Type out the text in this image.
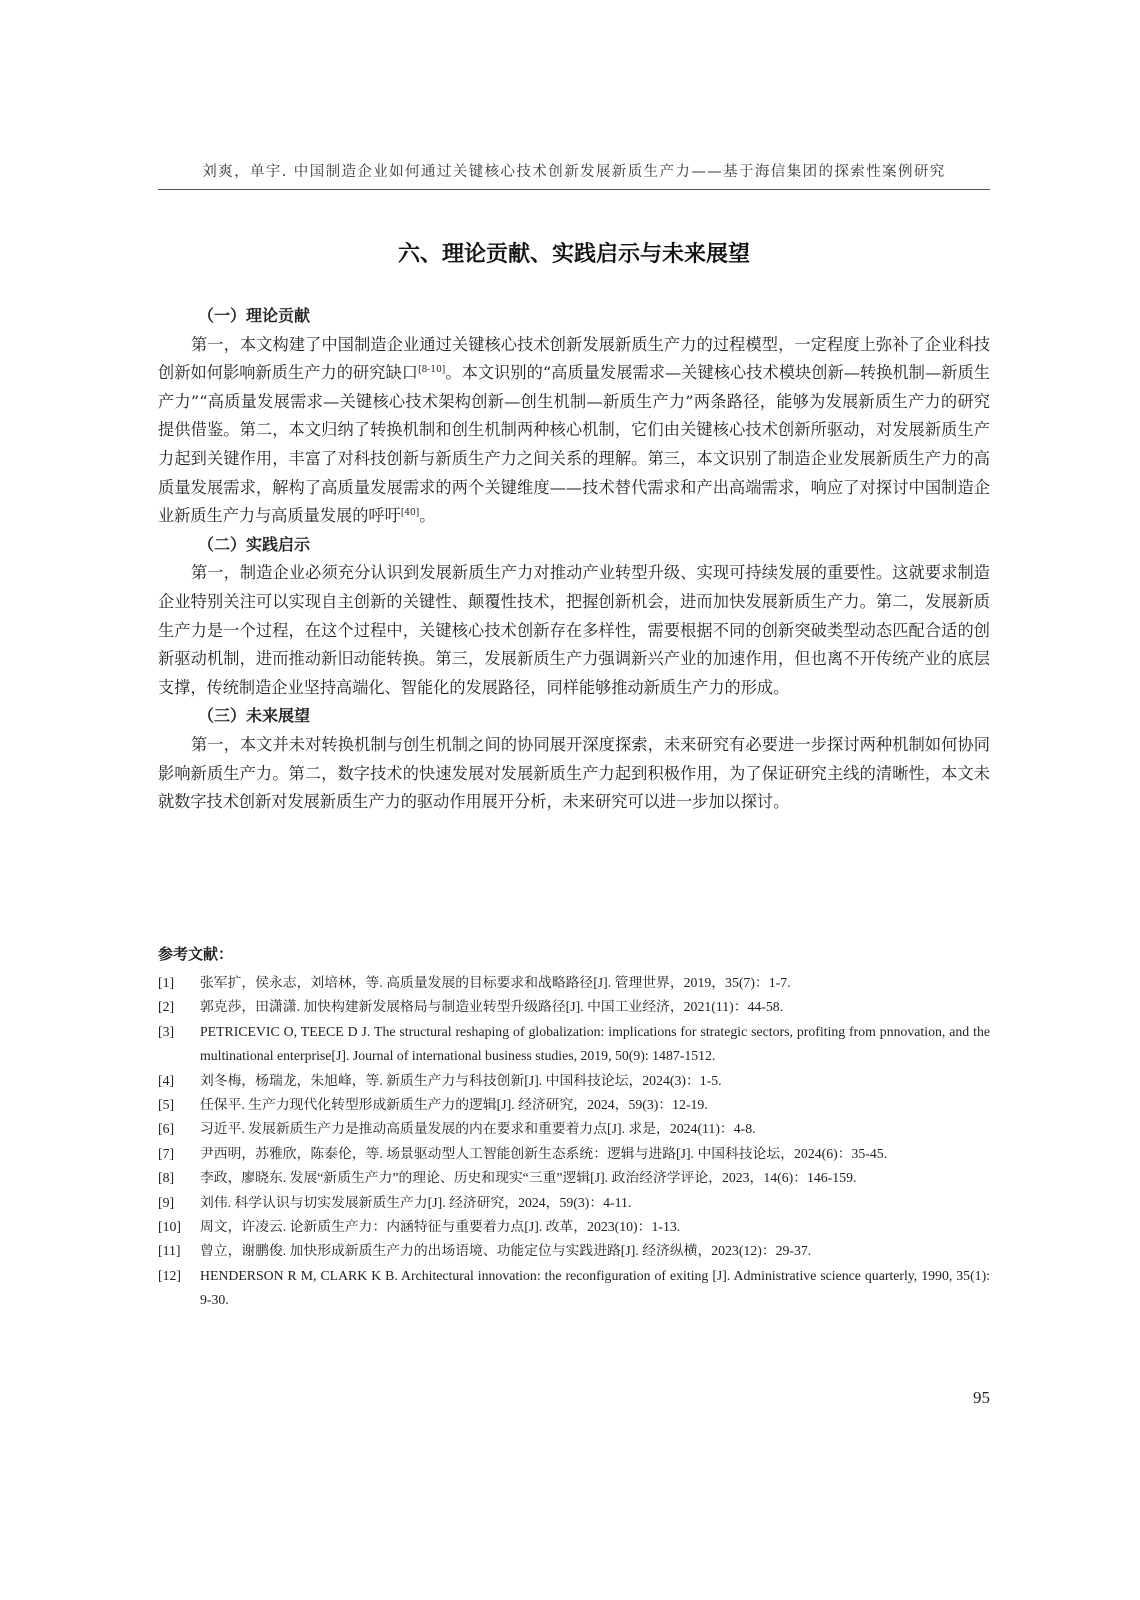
刘爽，单宇. 中国制造企业如何通过关键核心技术创新发展新质生产力——基于海信集团的探索性案例研究
六、理论贡献、实践启示与未来展望
（一）理论贡献

第一，本文构建了中国制造企业通过关键核心技术创新发展新质生产力的过程模型，一定程度上弥补了企业科技创新如何影响新质生产力的研究缺口[8-10]。本文识别的“高质量发展需求—关键核心技术模块创新—转换机制—新质生产力”“高质量发展需求—关键核心技术架构创新—创生机制—新质生产力”两条路径，能够为发展新质生产力的研究提供借鉴。第二，本文归纳了转换机制和创生机制两种核心机制，它们由关键核心技术创新所驱动，对发展新质生产力起到关键作用，丰富了对科技创新与新质生产力之间关系的理解。第三，本文识别了制造企业发展新质生产力的高质量发展需求，解构了高质量发展需求的两个关键维度——技术替代需求和产出高端需求，响应了对探讨中国制造企业新质生产力与高质量发展的呼吁[40]。

（二）实践启示

第一，制造企业必须充分认识到发展新质生产力对推动产业转型升级、实现可持续发展的重要性。这就要求制造企业特别关注可以实现自主创新的关键性、颠覆性技术，把握创新机会，进而加快发展新质生产力。第二，发展新质生产力是一个过程，在这个过程中，关键核心技术创新存在多样性，需要根据不同的创新突破类型动态匹配合适的创新驱动机制，进而推动新旧动能转换。第三，发展新质生产力强调新兴产业的加速作用，但也离不开传统产业的底层支撑，传统制造企业坚持高端化、智能化的发展路径，同样能够推动新质生产力的形成。

（三）未来展望

第一，本文并未对转换机制与创生机制之间的协同展开深度探索，未来研究有必要进一步探讨两种机制如何协同影响新质生产力。第二，数字技术的快速发展对发展新质生产力起到积极作用，为了保证研究主线的清晰性，本文未就数字技术创新对发展新质生产力的驱动作用展开分析，未来研究可以进一步加以探讨。

参考文献：
[1]	张军扩，侯永志，刘培林，等. 高质量发展的目标要求和战略路径[J]. 管理世界，2019，35(7)：1-7.
[2]	郭克莎，田潇潇. 加快构建新发展格局与制造业转型升级路径[J]. 中国工业经济，2021(11)：44-58.
[3]	PETRICEVIC O, TEECE D J. The structural reshaping of globalization: implications for strategic sectors, profiting from pnnovation, and the multinational enterprise[J]. Journal of international business studies, 2019, 50(9): 1487-1512.
[4]	刘冬梅，杨瑞龙，朱旭峰，等. 新质生产力与科技创新[J]. 中国科技论坛，2024(3)：1-5.
[5]	任保平. 生产力现代化转型形成新质生产力的逻辑[J]. 经济研究，2024，59(3)：12-19.
[6]	习近平. 发展新质生产力是推动高质量发展的内在要求和重要着力点[J]. 求是，2024(11)：4-8.
[7]	尹西明，苏雅欣，陈泰伦，等. 场景驱动型人工智能创新生态系统：逻辑与进路[J]. 中国科技论坛，2024(6)：35-45.
[8]	李政，廖晓东. 发展“新质生产力”的理论、历史和现实“三重”逻辑[J]. 政治经济学评论，2023，14(6)：146-159.
[9]	刘伟. 科学认识与切实发展新质生产力[J]. 经济研究，2024，59(3)：4-11.
[10]	周文，许凌云. 论新质生产力：内涵特征与重要着力点[J]. 改革，2023(10)：1-13.
[11]	曾立，谢鹏俊. 加快形成新质生产力的出场语境、功能定位与实践进路[J]. 经济纵横，2023(12)：29-37.
[12]	HENDERSON R M, CLARK K B. Architectural innovation: the reconfiguration of exiting [J]. Administrative science quarterly, 1990, 35(1): 9-30.
95
